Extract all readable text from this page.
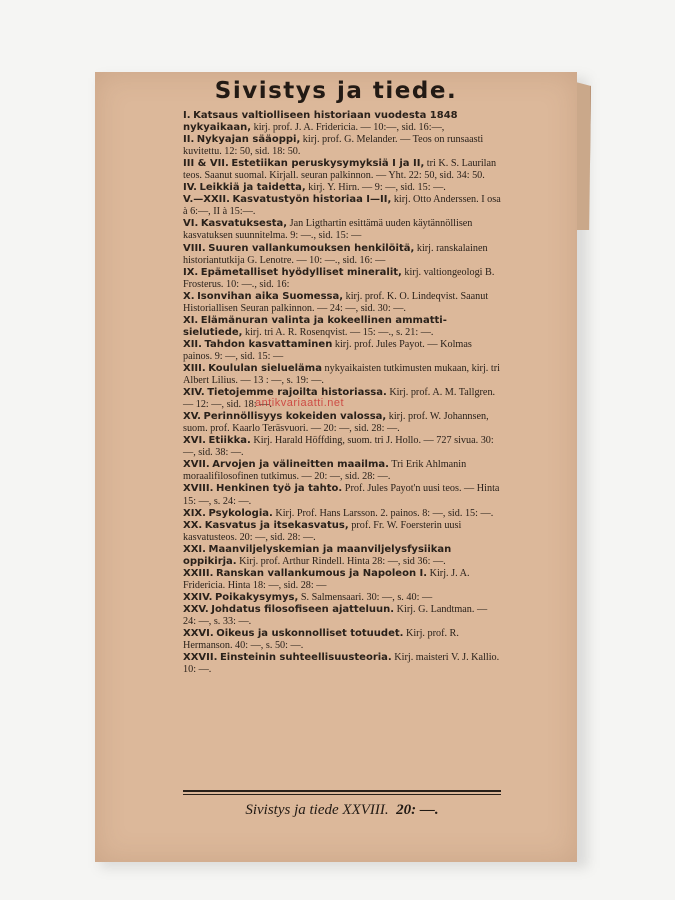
Sivistys ja tiede.
I. Katsaus valtiolliseen historiaan vuodesta 1848 nykyaikaan, kirj. prof. J. A. Fridericia. — 10:—, sid. 16:—,
II. Nykyajan sääoppi, kirj. prof. G. Melander. — Teos on runsaasti kuvitettu. 12: 50, sid. 18: 50.
III & VII. Estetiikan peruskysymyksiä I ja II, tri K. S. Laurilan teos. Saanut suomal. Kirjall. seuran palkinnon. — Yht. 22: 50, sid. 34: 50.
IV. Leikkiä ja taidetta, kirj. Y. Hirn. — 9: —, sid. 15: —.
V.—XXII. Kasvatustyön historiaa I—II, kirj. Otto Anderssen. I osa à 6:—, II à 15:—.
VI. Kasvatuksesta, Jan Ligthartin esittämä uuden käytännöllisen kasvatuksen suunnitelma. 9: —., sid. 15: —
VIII. Suuren vallankumouksen henkilöitä, kirj. ranskalainen historiantutkija G. Lenotre. — 10: —., sid. 16: —
IX. Epämetalliset hyödylliset mineralit, kirj. valtiongeologi B. Frosterus. 10: —., sid. 16:
X. Isonvihan aika Suomessa, kirj. prof. K. O. Lindeqvist. Saanut Historiallisen Seuran palkinnon. — 24: —, sid. 30: —.
XI. Elämänuran valinta ja kokeellinen ammatti-sielutiede, kirj. tri A. R. Rosenqvist. — 15: —., s. 21: —.
XII. Tahdon kasvattaminen kirj. prof. Jules Payot. — Kolmas painos. 9: —, sid. 15: —
XIII. Koululan sielueläma nykyaikaisten tutkimusten mukaan, kirj. tri Albert Lilius. — 13 : —, s. 19: —.
XIV. Tietojemme rajoilta historiassa. Kirj. prof. A. M. Tallgren. — 12: —, sid. 18: —.
XV. Perinnöllisyys kokeiden valossa, kirj. prof. W. Johannsen, suom. prof. Kaarlo Teräsvuori. — 20: —, sid. 28: —.
XVI. Etiikka. Kirj. Harald Höffding, suom. tri J. Hollo. — 727 sivua. 30: —, sid. 38: —.
XVII. Arvojen ja välineitten maailma. Tri Erik Ahlmanin moraalifilosofinen tutkimus. — 20: —, sid. 28: —.
XVIII. Henkinen työ ja tahto. Prof. Jules Payot'n uusi teos. — Hinta 15: —, s. 24: —.
XIX. Psykologia. Kirj. Prof. Hans Larsson. 2. painos. 8: —, sid. 15: —.
XX. Kasvatus ja itsekasvatus, prof. Fr. W. Foersterin uusi kasvatusteos. 20: —, sid. 28: —.
XXI. Maanviljelyskemian ja maanviljelysfysiikan oppikirja. Kirj. prof. Arthur Rindell. Hinta 28: —, sid 36: —.
XXIII. Ranskan vallankumous ja Napoleon I. Kirj. J. A. Fridericia. Hinta 18: —, sid. 28: —
XXIV. Poikakysymys, S. Salmensaari. 30: —, s. 40: —
XXV. Johdatus filosofiseen ajatteluun. Kirj. G. Landtman. — 24: —, s. 33: —.
XXVI. Oikeus ja uskonnolliset totuudet. Kirj. prof. R. Hermanson. 40: —, s. 50: —.
XXVII. Einsteinin suhteellisuusteoria. Kirj. maisteri V. J. Kallio. 10: —.
Sivistys ja tiede XXVIII. 20: —.
antikvariaatti.net
